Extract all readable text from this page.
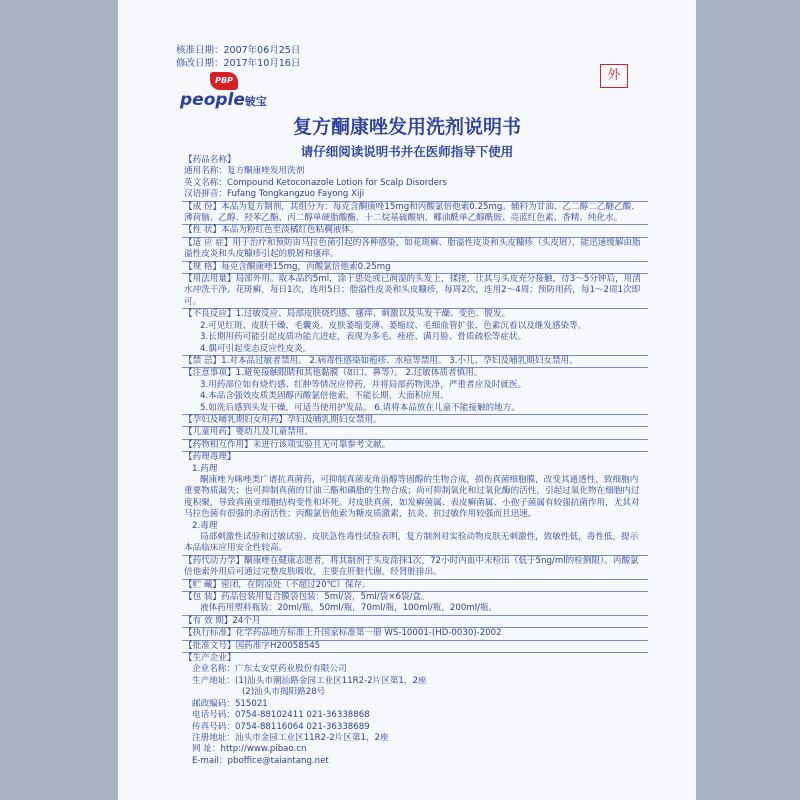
核准日期：2007年06月25日
修改日期：2017年10月16日
PBP
people铍宝
外
复方酮康唑发用洗剂说明书
请仔细阅读说明书并在医师指导下使用
【药品名称】
通用名称：复方酮康唑发用洗剂
英文名称：Compound Ketoconazole Lotion for Scalp Disorders
汉语拼音：Fufang Tongkangzuo Fayong Xiji
【成 份】本品为复方制剂，其组分为：每克含酮康唑15mg和丙酸氯倍他索0.25mg。辅料为甘油、乙二醇二乙醚乙酸、薄荷脑、乙醇、羟苯乙酯、丙二醇单硬脂酸酯、十二烷基硫酸钠、椰油酰单乙醇酰胺、亮蓝红色素、香精、纯化水。
【性 状】本品为粉红色至淡橘红色粘稠液体。
【适 应 症】用于治疗和预防由马拉色菌引起的各种感染，如花斑癣、脂溢性皮炎和头皮糠疹（头皮屑），能迅速缓解由脂溢性皮炎和头皮糠疹引起的脱屑和瘙痒。
【规 格】每克含酮康唑15mg，丙酸氯倍他索0.25mg
【用法用量】局部外用。取本品约5ml，涂于患处或已润湿的头发上，揉搓，让其与头皮充分接触，待3～5分钟后，用清水冲洗干净。花斑癣，每日1次，连用5日；脂溢性皮炎和头皮糠疹，每周2次，连用2～4周；预防用药，每1～2周1次即可。
【不良反应】1.过敏反应、局部皮肤烧灼感、瘙痒、刺激以及头发干燥、变色、脱发。
2.可见红斑、皮肤干燥、毛囊炎、皮肤萎缩变薄、萎缩纹、毛细血管扩张、色素沉着以及继发感染等。
3.长期用药可能引起皮质功能亢进症，表现为多毛、痤疮、满月脸、骨质疏松等症状。
4.偶可引起变态反应性皮炎。
【禁 忌】1.对本品过敏者禁用。 2.病毒性感染如疱疹、水痘等禁用。 3.小儿、孕妇及哺乳期妇女禁用。
【注意事项】1.避免接触眼睛和其他黏膜（如口、鼻等）。 2.过敏体质者慎用。
3.用药部位如有烧灼感、红肿等情况应停药，并将局部药物洗净，严重者应及时就医。
4.本品含强效皮质类固醇丙酸氯倍他索，不能长期、大面积应用。
5.如洗后感到头发干燥，可适当使用护发品。 6.请将本品放在儿童不能接触的地方。
【孕妇及哺乳期妇女用药】孕妇及哺乳期妇女禁用。
【儿童用药】婴幼儿及儿童禁用。
【药物相互作用】未进行该项实验且无可靠参考文献。
【药理毒理】
1.药理
酮康唑为咪唑类广谱抗真菌药，可抑制真菌麦角甾醇等固醇的生物合成，损伤真菌细胞膜，改变其通透性，致细胞内重要物质漏失；也可抑制真菌的甘油三酯和磷脂的生物合成；尚可抑制氧化和过氧化酶的活性，引起过氧化物在细胞内过度积聚，导致真菌亚细胞结构变性和坏死。对皮肤真菌，如发癣菌属、表皮癣菌属、小孢子菌属有较强抗菌作用，尤其对马拉色菌有很强的杀菌活性；丙酸氯倍他索为糖皮质激素，抗炎、抗过敏作用较强而且迅速。
2.毒理
局部刺激性试验和过敏试验、皮肤急性毒性试验表明，复方制剂对实验动物皮肤无刺激性，致敏性低，毒性低，提示本品临床应用安全性较高。
【药代动力学】酮康唑在健康志愿者，将其制剂于头皮涂抹1次，72小时内血中未检出（低于5ng/ml的检测限）。丙酸氯倍他索外用后可通过完整皮肤吸收，主要在肝脏代谢，经肾脏排出。
【贮 藏】密闭，在阴凉处（不超过20℃）保存。
【包 装】药品包装用复合膜袋包装：5ml/袋，5ml/袋×6袋/盒。
液体药用塑料瓶装：20ml/瓶，50ml/瓶，70ml/瓶，100ml/瓶，200ml/瓶。
【有 效 期】24个月
【执行标准】化学药品地方标准上升国家标准第一册 WS-10001-(HD-0030)-2002
【批准文号】国药准字H20058545
【生产企业】
企业名称：广东太安堂药业股份有限公司
生产地址：(1)汕头市潮汕路金园工业区11R2-2片区第1，2座
(2)汕头市揭阳路28号
邮政编码：515021
电话号码：0754-88102411 021-36338868
传真号码：0754-88116064 021-36338689
注册地址：汕头市金园工业区11R2-2片区第1，2座
网 址：http://www.pibao.cn
E-mail：pboffice@taiantang.net
